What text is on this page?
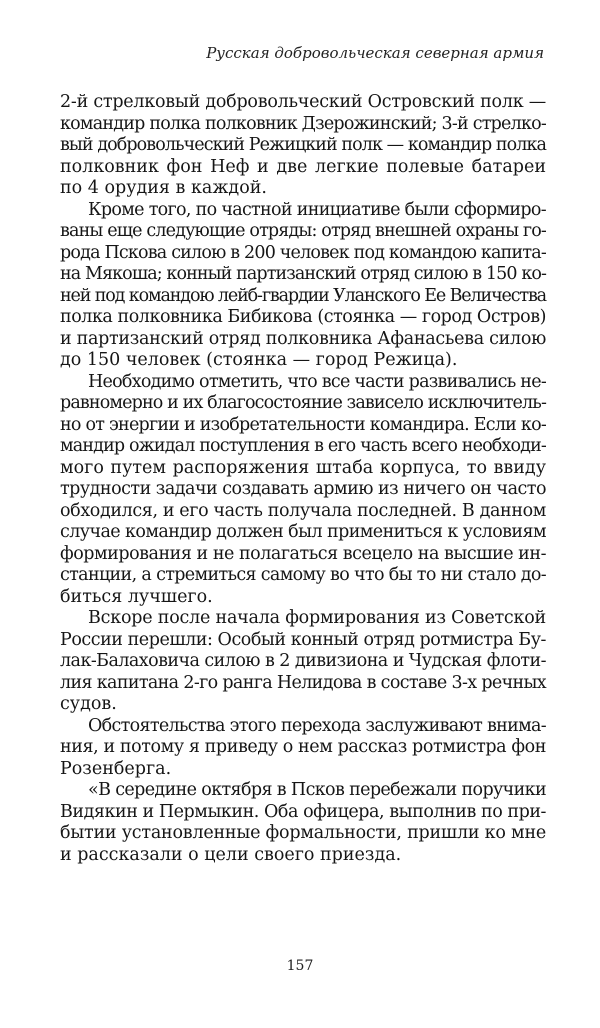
Русская добровольческая северная армия
2-й стрелковый добровольческий Островский полк —
командир полка полковник Дзерожинский; 3-й стрелко-
вый добровольческий Режицкий полк — командир полка
полковник фон Неф и две легкие полевые батареи
по 4 орудия в каждой.
Кроме того, по частной инициативе были сформиро-
ваны еще следующие отряды: отряд внешней охраны го-
рода Пскова силою в 200 человек под командою капита-
на Мякоша; конный партизанский отряд силою в 150 ко-
ней под командою лейб-гвардии Уланского Ее Величества
полка полковника Бибикова (стоянка — город Остров)
и партизанский отряд полковника Афанасьева силою
до 150 человек (стоянка — город Режица).
Необходимо отметить, что все части развивались не-
равномерно и их благосостояние зависело исключитель-
но от энергии и изобретательности командира. Если ко-
мандир ожидал поступления в его часть всего необходи-
мого путем распоряжения штаба корпуса, то ввиду
трудности задачи создавать армию из ничего он часто
обходился, и его часть получала последней. В данном
случае командир должен был примениться к условиям
формирования и не полагаться всецело на высшие ин-
станции, а стремиться самому во что бы то ни стало до-
биться лучшего.
Вскоре после начала формирования из Советской
России перешли: Особый конный отряд ротмистра Бу-
лак-Балаховича силою в 2 дивизиона и Чудская флоти-
лия капитана 2-го ранга Нелидова в составе 3-х речных
судов.
Обстоятельства этого перехода заслуживают внима-
ния, и потому я приведу о нем рассказ ротмистра фон
Розенберга.
«В середине октября в Псков перебежали поручики
Видякин и Пермыкин. Оба офицера, выполнив по при-
бытии установленные формальности, пришли ко мне
и рассказали о цели своего приезда.
157
